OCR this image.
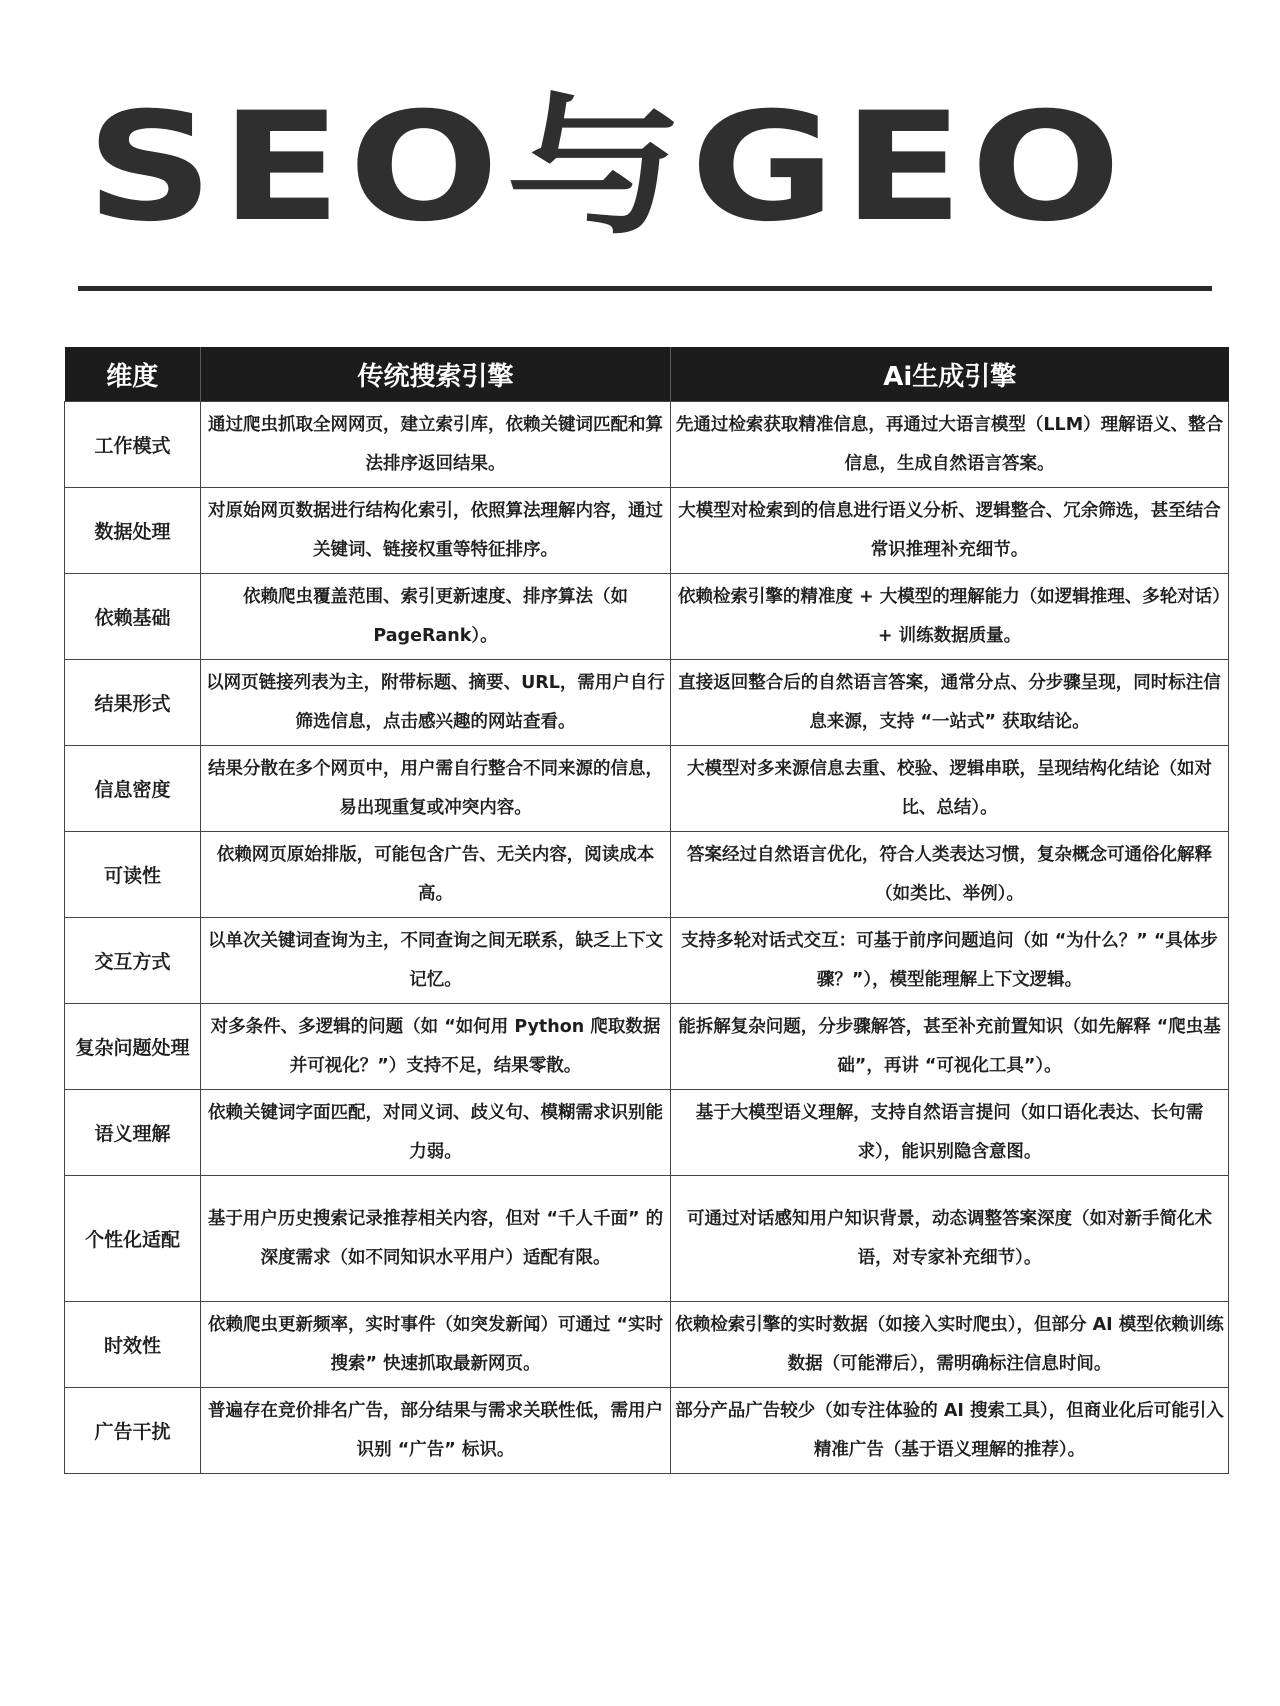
SEO与GEO
维度	传统搜索引擎	Ai生成引擎
工作模式	通过爬虫抓取全网网页，建立索引库，依赖关键词匹配和算法排序返回结果。	先通过检索获取精准信息，再通过大语言模型（LLM）理解语义、整合信息，生成自然语言答案。
数据处理	对原始网页数据进行结构化索引，依照算法理解内容，通过关键词、链接权重等特征排序。	大模型对检索到的信息进行语义分析、逻辑整合、冗余筛选，甚至结合常识推理补充细节。
依赖基础	依赖爬虫覆盖范围、索引更新速度、排序算法（如PageRank）。	依赖检索引擎的精准度 + 大模型的理解能力（如逻辑推理、多轮对话）+ 训练数据质量。
结果形式	以网页链接列表为主，附带标题、摘要、URL，需用户自行筛选信息，点击感兴趣的网站查看。	直接返回整合后的自然语言答案，通常分点、分步骤呈现，同时标注信息来源，支持 “一站式” 获取结论。
信息密度	结果分散在多个网页中，用户需自行整合不同来源的信息，易出现重复或冲突内容。	大模型对多来源信息去重、校验、逻辑串联，呈现结构化结论（如对比、总结）。
可读性	依赖网页原始排版，可能包含广告、无关内容，阅读成本高。	答案经过自然语言优化，符合人类表达习惯，复杂概念可通俗化解释（如类比、举例）。
交互方式	以单次关键词查询为主，不同查询之间无联系，缺乏上下文记忆。	支持多轮对话式交互：可基于前序问题追问（如 “为什么？” “具体步骤？”），模型能理解上下文逻辑。
复杂问题处理	对多条件、多逻辑的问题（如 “如何用 Python 爬取数据并可视化？”）支持不足，结果零散。	能拆解复杂问题，分步骤解答，甚至补充前置知识（如先解释 “爬虫基础”，再讲 “可视化工具”）。
语义理解	依赖关键词字面匹配，对同义词、歧义句、模糊需求识别能力弱。	基于大模型语义理解，支持自然语言提问（如口语化表达、长句需求），能识别隐含意图。
个性化适配	基于用户历史搜索记录推荐相关内容，但对 “千人千面” 的深度需求（如不同知识水平用户）适配有限。	可通过对话感知用户知识背景，动态调整答案深度（如对新手简化术语，对专家补充细节）。
时效性	依赖爬虫更新频率，实时事件（如突发新闻）可通过 “实时搜索” 快速抓取最新网页。	依赖检索引擎的实时数据（如接入实时爬虫），但部分 AI 模型依赖训练数据（可能滞后），需明确标注信息时间。
广告干扰	普遍存在竞价排名广告，部分结果与需求关联性低，需用户识别 “广告” 标识。	部分产品广告较少（如专注体验的 AI 搜索工具），但商业化后可能引入精准广告（基于语义理解的推荐）。
